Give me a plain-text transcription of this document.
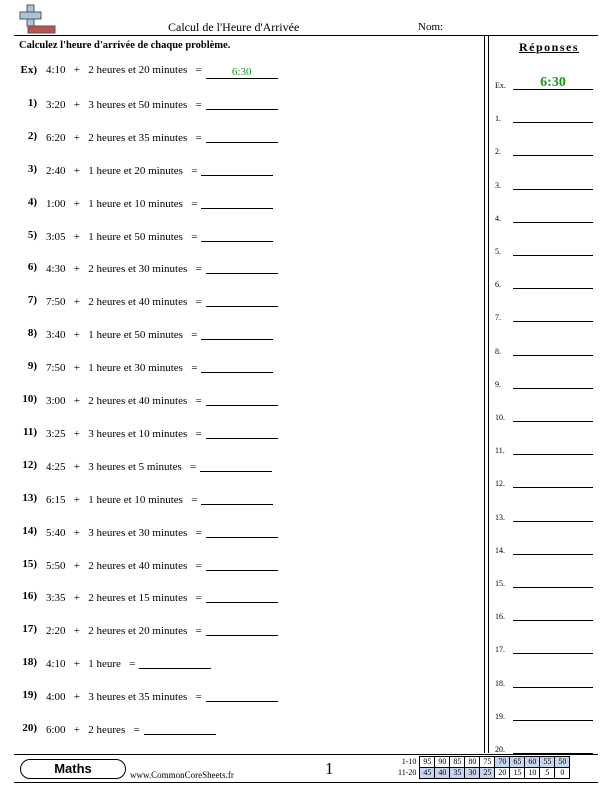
Calcul de l'Heure d'Arrivée	Nom:
Calculez l'heure d'arrivée de chaque problème.
Ex) 4:10   +   2 heures et 20 minutes   =	6:30
1) 3:20   +   3 heures et 50 minutes   =
2) 6:20   +   2 heures et 35 minutes   =
3) 2:40   +   1 heure et 20 minutes   =
4) 1:00   +   1 heure et 10 minutes   =
5) 3:05   +   1 heure et 50 minutes   =
6) 4:30   +   2 heures et 30 minutes   =
7) 7:50   +   2 heures et 40 minutes   =
8) 3:40   +   1 heure et 50 minutes   =
9) 7:50   +   1 heure et 30 minutes   =
10) 3:00   +   2 heures et 40 minutes   =
11) 3:25   +   3 heures et 10 minutes   =
12) 4:25   +   3 heures et 5 minutes   =
13) 6:15   +   1 heure et 10 minutes   =
14) 5:40   +   3 heures et 30 minutes   =
15) 5:50   +   2 heures et 40 minutes   =
16) 3:35   +   2 heures et 15 minutes   =
17) 2:20   +   2 heures et 20 minutes   =
18) 4:10   +   1 heure   =
19) 4:00   +   3 heures et 35 minutes   =
20) 6:00   +   2 heures   =
Réponses
Ex.	6:30
1.
2.
3.
4.
5.
6.
7.
8.
9.
10.
11.
12.
13.
14.
15.
16.
17.
18.
19.
20.
Maths	www.CommonCoreSheets.fr	1	1-10	95	90	85	80	75	70	65	60	55	50
11-20	45	40	35	30	25	20	15	10	5	0
